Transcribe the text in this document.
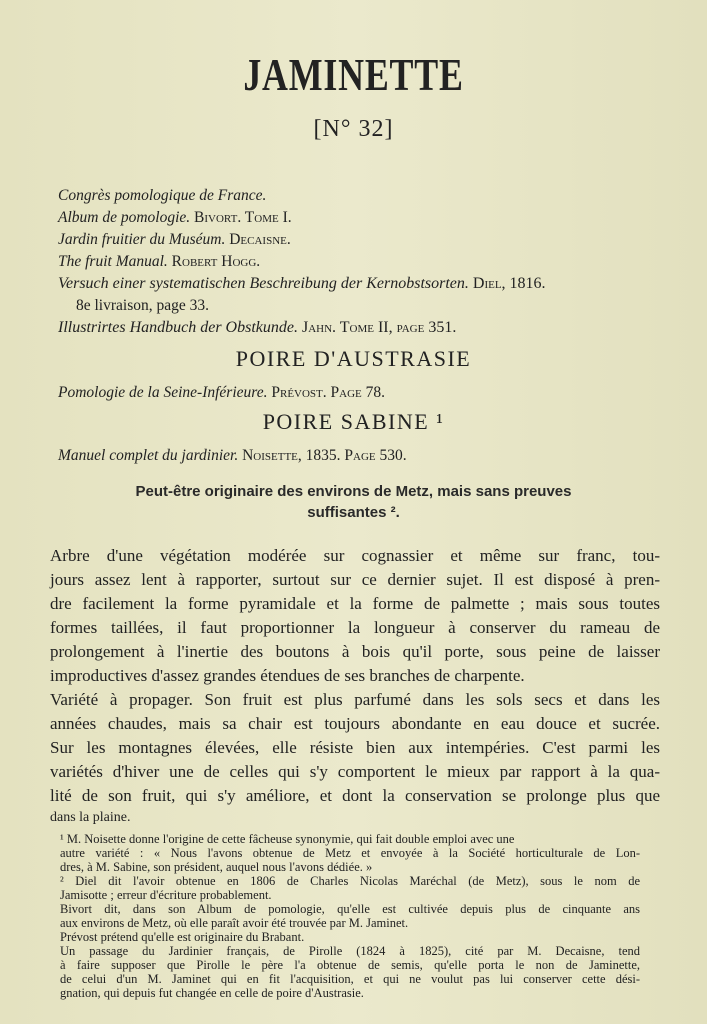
JAMINETTE
[N° 32]
Congrès pomologique de France.
Album de pomologie. Bivort. Tome I.
Jardin fruitier du Muséum. Decaisne.
The fruit Manual. Robert Hogg.
Versuch einer systematischen Beschreibung der Kernobstsorten. Diel, 1816.
8e livraison, page 33.
Illustrirtes Handbuch der Obstkunde. Jahn. Tome II, page 351.
POIRE D'AUSTRASIE
Pomologie de la Seine-Inférieure. Prévost. Page 78.
POIRE SABINE ¹
Manuel complet du jardinier. Noisette, 1835. Page 530.
Peut-être originaire des environs de Metz, mais sans preuves
suffisantes ².
Arbre d'une végétation modérée sur cognassier et même sur franc, tou-
jours assez lent à rapporter, surtout sur ce dernier sujet. Il est disposé à pren-
dre facilement la forme pyramidale et la forme de palmette ; mais sous toutes
formes taillées, il faut proportionner la longueur à conserver du rameau de
prolongement à l'inertie des boutons à bois qu'il porte, sous peine de laisser
improductives d'assez grandes étendues de ses branches de charpente.
Variété à propager. Son fruit est plus parfumé dans les sols secs et dans les
années chaudes, mais sa chair est toujours abondante en eau douce et sucrée.
Sur les montagnes élevées, elle résiste bien aux intempéries. C'est parmi les
variétés d'hiver une de celles qui s'y comportent le mieux par rapport à la qua-
lité de son fruit, qui s'y améliore, et dont la conservation se prolonge plus que
dans la plaine.
¹ M. Noisette donne l'origine de cette fâcheuse synonymie, qui fait double emploi avec une
autre variété : « Nous l'avons obtenue de Metz et envoyée à la Société horticulturale de Lon-
dres, à M. Sabine, son président, auquel nous l'avons dédiée. »
² Diel dit l'avoir obtenue en 1806 de Charles Nicolas Maréchal (de Metz), sous le nom de
Jamisotte ; erreur d'écriture probablement.
Bivort dit, dans son Album de pomologie, qu'elle est cultivée depuis plus de cinquante ans
aux environs de Metz, où elle paraît avoir été trouvée par M. Jaminet.
Prévost prétend qu'elle est originaire du Brabant.
Un passage du Jardinier français, de Pirolle (1824 à 1825), cité par M. Decaisne, tend
à faire supposer que Pirolle le père l'a obtenue de semis, qu'elle porta le non de Jaminette,
de celui d'un M. Jaminet qui en fit l'acquisition, et qui ne voulut pas lui conserver cette dési-
gnation, qui depuis fut changée en celle de poire d'Austrasie.
